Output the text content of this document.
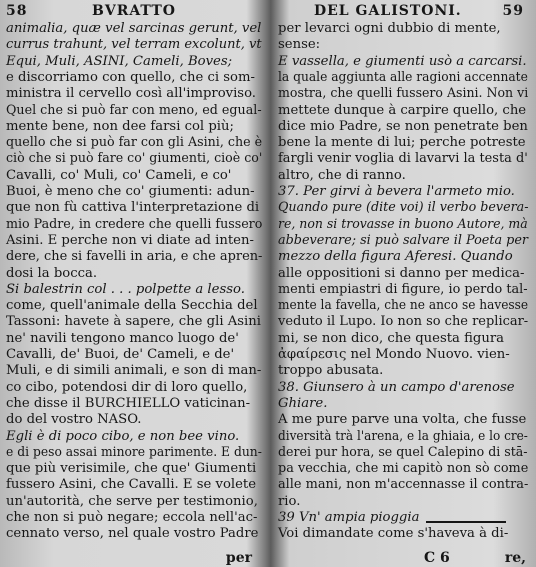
58	BVRATTO
animalia, quæ vel sarcinas gerunt, vel
currus trahunt, vel terram excolunt, vt
Equi, Muli, ASINI, Cameli, Boves;
e discorriamo con quello, che ci som-
ministra il cervello così all'improviso.
Quel che si può far con meno, ed egual-
mente bene, non dee farsi col più;
quello che si può far con gli Asini, che è
ciò che si può fare co' giumenti, cioè co'
Cavalli, co' Muli, co' Cameli, e co'
Buoi, è meno che co' giumenti: adun-
que non fù cattiva l'interpretazione di
mio Padre, in credere che quelli fussero
Asini. E perche non vi diate ad inten-
dere, che si favelli in aria, e che apren-
dosi la bocca.
Si balestrin col . . . polpette a lesso.
come, quell'animale della Secchia del
Tassoni: havete à sapere, che gli Asini
ne' navili tengono manco luogo de'
Cavalli, de' Buoi, de' Cameli, e de'
Muli, e di simili animali, e son di man-
co cibo, potendosi dir di loro quello,
che disse il BURCHIELLO vaticinan-
do del vostro NASO.
Egli è di poco cibo, e non bee vino.
e di peso assai minore parimente. E dun-
que più verisimile, che que' Giumenti
fussero Asini, che Cavalli. E se volete
un'autorità, che serve per testimonio,
che non si può negare; eccola nell'ac-
cennato verso, nel quale vostro Padre
per
DEL GALISTONI.	59
per levarci ogni dubbio di mente,
sense:
E vassella, e giumenti usò a carcarsi.
la quale aggiunta alle ragioni accennate
mostra, che quelli fussero Asini. Non vi
mettete dunque à carpire quello, che
dice mio Padre, se non penetrate ben
bene la mente di lui; perche potreste
fargli venir voglia di lavarvi la testa d'
altro, che di ranno.
37. Per girvi à bevera l'armeto mio.
Quando pure (dite voi) il verbo bevera-
re, non si trovasse in buono Autore, mà
abbeverare; si può salvare il Poeta per
mezzo della figura Aferesi. Quando
alle oppositioni si danno per medica-
menti empiastri di figure, io perdo tal-
mente la favella, che ne anco se havesse
veduto il Lupo. Io non so che replicar-
mi, se non dico, che questa figura
ἀφαίρεσις nel Mondo Nuovo. vien-
troppo abusata.
38. Giunsero à un campo d'arenose
Ghiare.
A me pure parve una volta, che fusse
diversità trà l'arena, e la ghiaia, e lo cre-
derei pur hora, se quel Calepino di stā-
pa vecchia, che mi capitò non sò come
alle mani, non m'accennasse il contra-
rio.
39 Vn' ampia pioggia
Voi dimandate come s'haveva à di-
C 6	re,
